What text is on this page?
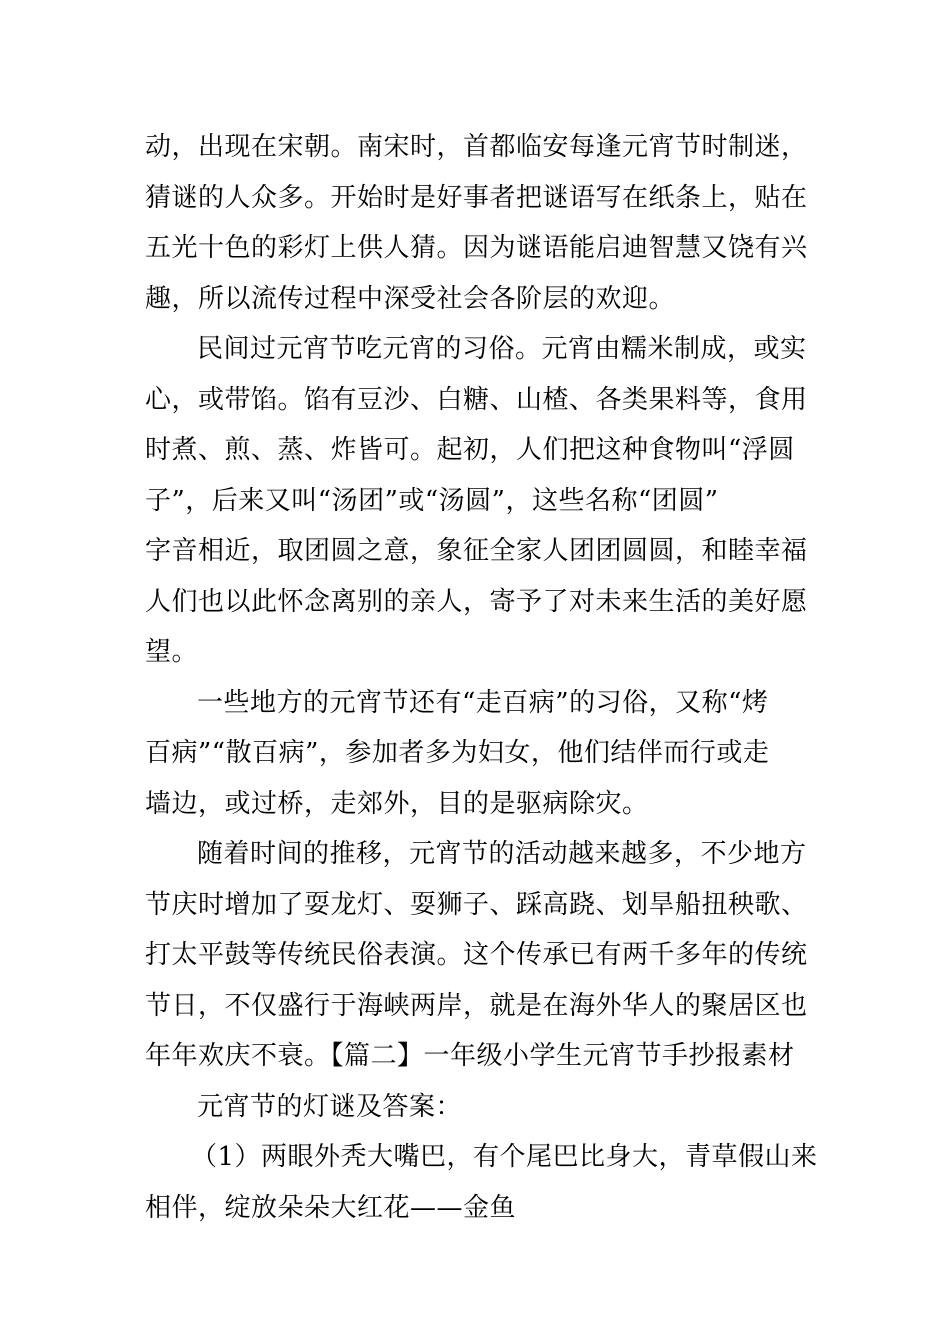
动，出现在宋朝。南宋时，首都临安每逢元宵节时制迷，
猜谜的人众多。开始时是好事者把谜语写在纸条上，贴在
五光十色的彩灯上供人猜。因为谜语能启迪智慧又饶有兴
趣，所以流传过程中深受社会各阶层的欢迎。
民间过元宵节吃元宵的习俗。元宵由糯米制成，或实
心，或带馅。馅有豆沙、白糖、山楂、各类果料等，食用
时煮、煎、蒸、炸皆可。起初，人们把这种食物叫“浮圆
子”，后来又叫“汤团”或“汤圆”，这些名称“团圆”
字音相近，取团圆之意，象征全家人团团圆圆，和睦幸福
人们也以此怀念离别的亲人，寄予了对未来生活的美好愿
望。
一些地方的元宵节还有“走百病”的习俗，又称“烤
百病”“散百病”，参加者多为妇女，他们结伴而行或走
墙边，或过桥，走郊外，目的是驱病除灾。
随着时间的推移，元宵节的活动越来越多，不少地方
节庆时增加了耍龙灯、耍狮子、踩高跷、划旱船扭秧歌、
打太平鼓等传统民俗表演。这个传承已有两千多年的传统
节日，不仅盛行于海峡两岸，就是在海外华人的聚居区也
年年欢庆不衰。【篇二】一年级小学生元宵节手抄报素材
元宵节的灯谜及答案：
（1）两眼外秃大嘴巴，有个尾巴比身大，青草假山来
相伴，绽放朵朵大红花——金鱼
